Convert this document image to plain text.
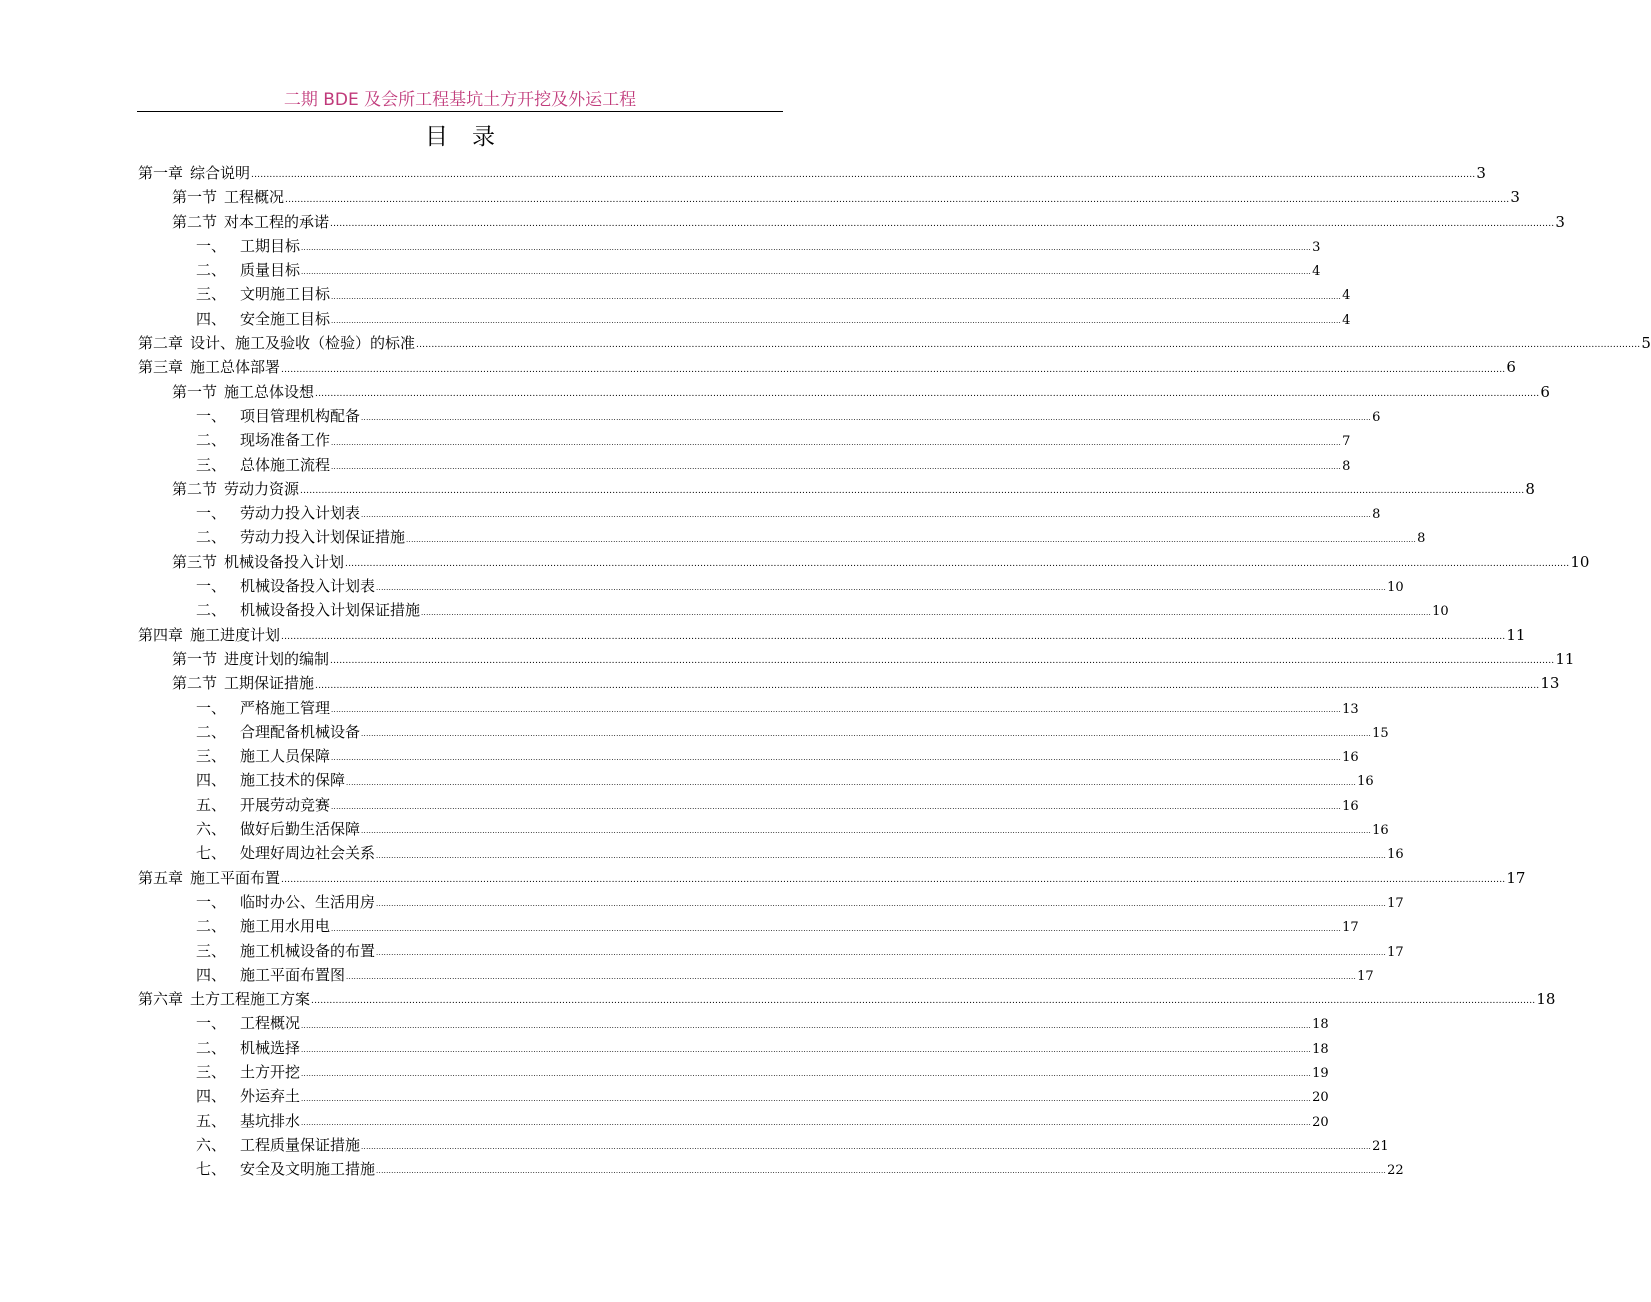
二期 BDE 及会所工程基坑土方开挖及外运工程
目 录
第一章 综合说明 ................................................................................................................................................................................................................................................................................................................................................................................................................ 3
第一节 工程概况 ................................................................................................................................................................................................................................................................................................................................................................................................................ 3
第二节 对本工程的承诺 ................................................................................................................................................................................................................................................................................................................................................................................................................ 3
一、 工期目标 ................................................................................................................................................................................................................................................................................................................................................................................................................ 3
二、 质量目标 ................................................................................................................................................................................................................................................................................................................................................................................................................ 4
三、 文明施工目标 ................................................................................................................................................................................................................................................................................................................................................................................................................ 4
四、 安全施工目标 ................................................................................................................................................................................................................................................................................................................................................................................................................ 4
第二章 设计、施工及验收（检验）的标准 ................................................................................................................................................................................................................................................................................................................................................................................................................ 5
第三章 施工总体部署 ................................................................................................................................................................................................................................................................................................................................................................................................................ 6
第一节 施工总体设想 ................................................................................................................................................................................................................................................................................................................................................................................................................ 6
一、 项目管理机构配备 ................................................................................................................................................................................................................................................................................................................................................................................................................ 6
二、 现场准备工作 ................................................................................................................................................................................................................................................................................................................................................................................................................ 7
三、 总体施工流程 ................................................................................................................................................................................................................................................................................................................................................................................................................ 8
第二节 劳动力资源 ................................................................................................................................................................................................................................................................................................................................................................................................................ 8
一、 劳动力投入计划表 ................................................................................................................................................................................................................................................................................................................................................................................................................ 8
二、 劳动力投入计划保证措施 ................................................................................................................................................................................................................................................................................................................................................................................................................ 8
第三节 机械设备投入计划 ................................................................................................................................................................................................................................................................................................................................................................................................................ 10
一、 机械设备投入计划表 ................................................................................................................................................................................................................................................................................................................................................................................................................ 10
二、 机械设备投入计划保证措施 ................................................................................................................................................................................................................................................................................................................................................................................................................ 10
第四章 施工进度计划 ................................................................................................................................................................................................................................................................................................................................................................................................................ 11
第一节 进度计划的编制 ................................................................................................................................................................................................................................................................................................................................................................................................................ 11
第二节 工期保证措施 ................................................................................................................................................................................................................................................................................................................................................................................................................ 13
一、 严格施工管理 ................................................................................................................................................................................................................................................................................................................................................................................................................ 13
二、 合理配备机械设备 ................................................................................................................................................................................................................................................................................................................................................................................................................ 15
三、 施工人员保障 ................................................................................................................................................................................................................................................................................................................................................................................................................ 16
四、 施工技术的保障 ................................................................................................................................................................................................................................................................................................................................................................................................................ 16
五、 开展劳动竞赛 ................................................................................................................................................................................................................................................................................................................................................................................................................ 16
六、 做好后勤生活保障 ................................................................................................................................................................................................................................................................................................................................................................................................................ 16
七、 处理好周边社会关系 ................................................................................................................................................................................................................................................................................................................................................................................................................ 16
第五章 施工平面布置 ................................................................................................................................................................................................................................................................................................................................................................................................................ 17
一、 临时办公、生活用房 ................................................................................................................................................................................................................................................................................................................................................................................................................ 17
二、 施工用水用电 ................................................................................................................................................................................................................................................................................................................................................................................................................ 17
三、 施工机械设备的布置 ................................................................................................................................................................................................................................................................................................................................................................................................................ 17
四、 施工平面布置图 ................................................................................................................................................................................................................................................................................................................................................................................................................ 17
第六章 土方工程施工方案 ................................................................................................................................................................................................................................................................................................................................................................................................................ 18
一、 工程概况 ................................................................................................................................................................................................................................................................................................................................................................................................................ 18
二、 机械选择 ................................................................................................................................................................................................................................................................................................................................................................................................................ 18
三、 土方开挖 ................................................................................................................................................................................................................................................................................................................................................................................................................ 19
四、 外运弃土 ................................................................................................................................................................................................................................................................................................................................................................................................................ 20
五、 基坑排水 ................................................................................................................................................................................................................................................................................................................................................................................................................ 20
六、 工程质量保证措施 ................................................................................................................................................................................................................................................................................................................................................................................................................ 21
七、 安全及文明施工措施 ................................................................................................................................................................................................................................................................................................................................................................................................................ 22
